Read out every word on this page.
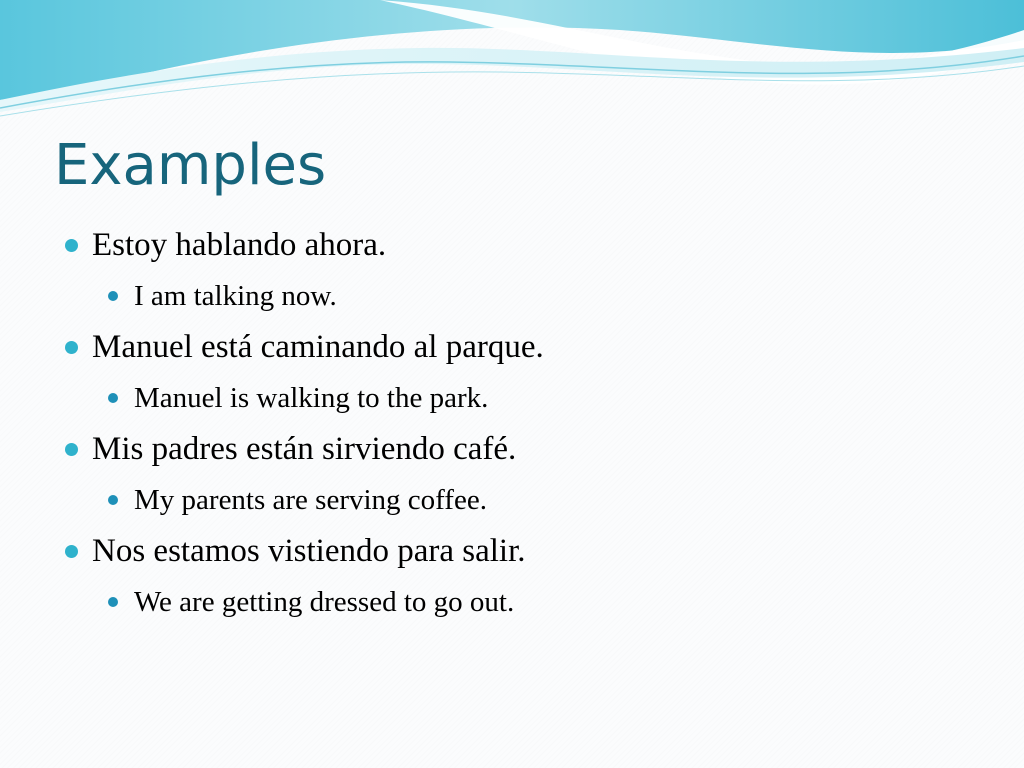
Examples
Estoy hablando ahora.
I am talking now.
Manuel está caminando al parque.
Manuel is walking to the park.
Mis padres están sirviendo café.
My parents are serving coffee.
Nos estamos vistiendo para salir.
We are getting dressed to go out.
